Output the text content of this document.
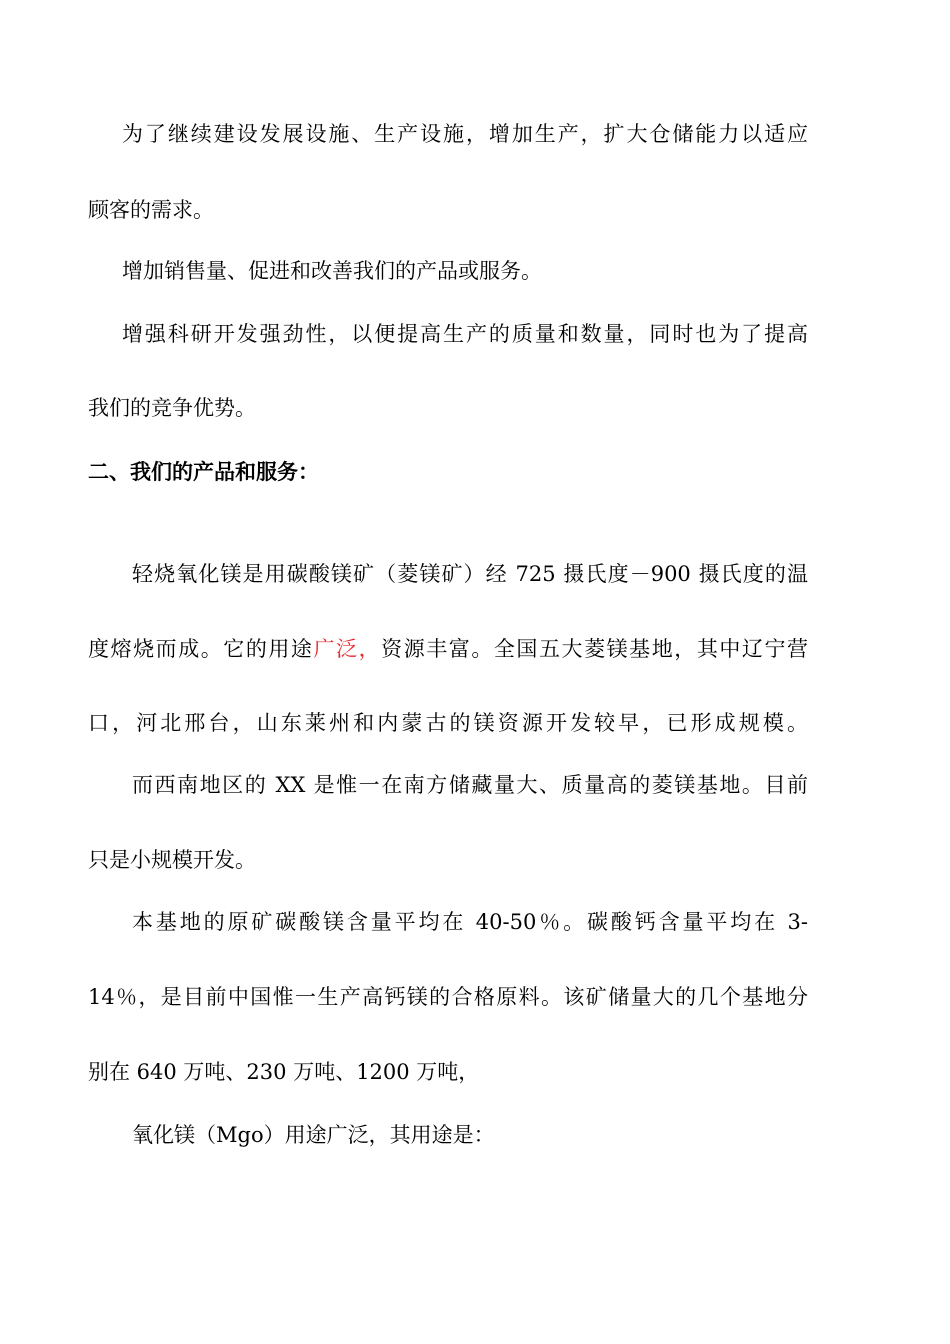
为了继续建设发展设施、生产设施，增加生产，扩大仓储能力以适应
顾客的需求。
增加销售量、促进和改善我们的产品或服务。
增强科研开发强劲性，以便提高生产的质量和数量，同时也为了提高
我们的竞争优势。
二、我们的产品和服务：
轻烧氧化镁是用碳酸镁矿（菱镁矿）经 725 摄氏度－900 摄氏度的温
度熔烧而成。它的用途广泛，资源丰富。全国五大菱镁基地，其中辽宁营
口，河北邢台，山东莱州和内蒙古的镁资源开发较早，已形成规模。
而西南地区的 XX 是惟一在南方储藏量大、质量高的菱镁基地。目前
只是小规模开发。
本基地的原矿碳酸镁含量平均在 40-50％。碳酸钙含量平均在 3-
14％，是目前中国惟一生产高钙镁的合格原料。该矿储量大的几个基地分
别在 640 万吨、230 万吨、1200 万吨，
氧化镁（Mgo）用途广泛，其用途是：
